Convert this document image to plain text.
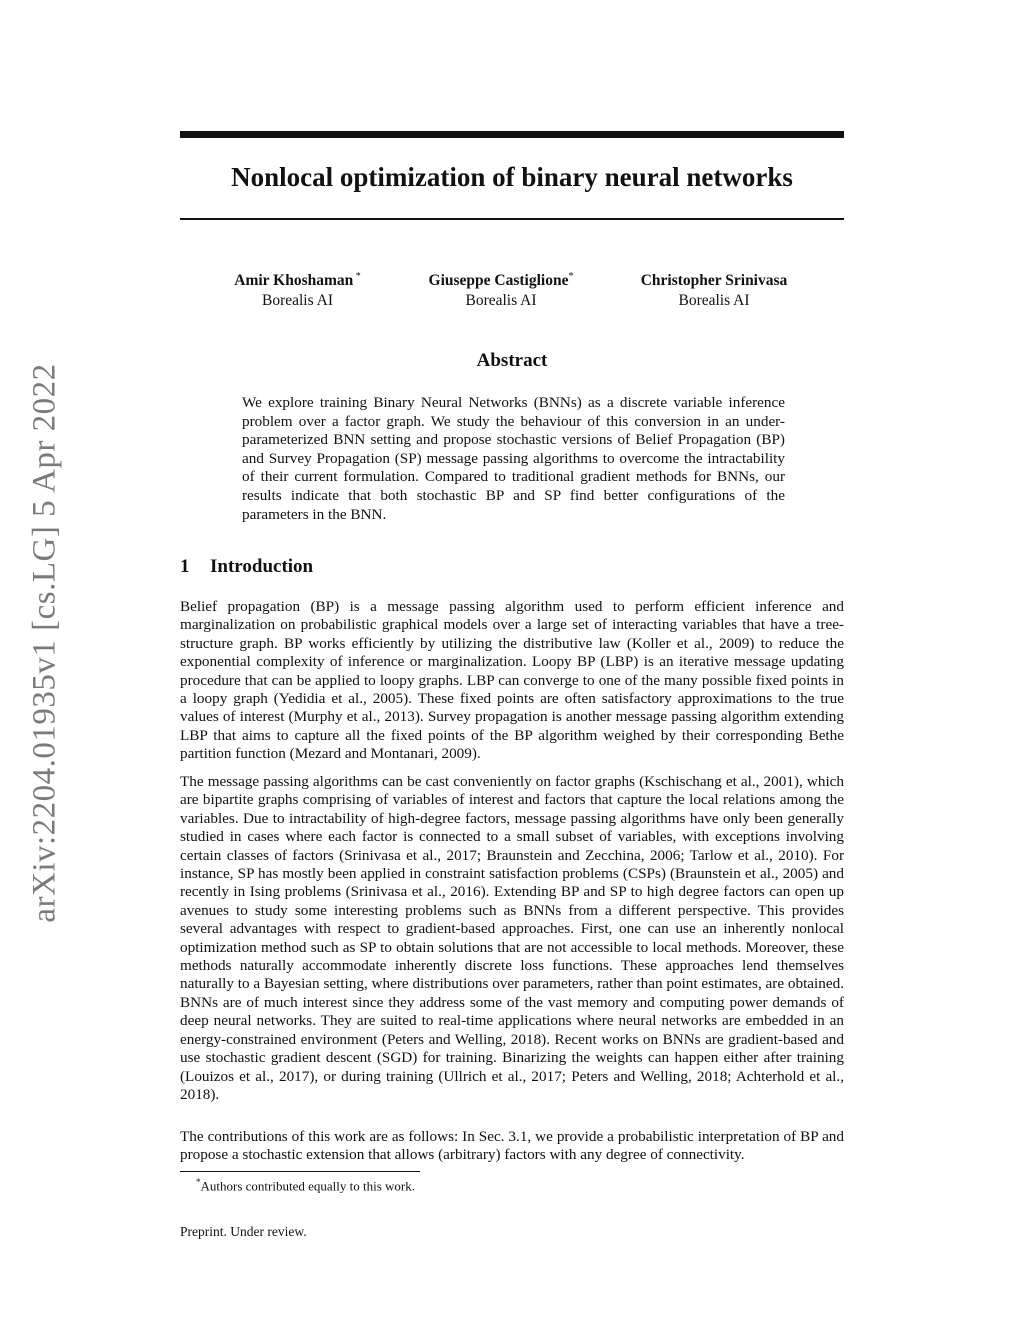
arXiv:2204.01935v1 [cs.LG] 5 Apr 2022
Nonlocal optimization of binary neural networks
Amir Khoshaman *
Borealis AI
Giuseppe Castiglione*
Borealis AI
Christopher Srinivasa
Borealis AI
Abstract

We explore training Binary Neural Networks (BNNs) as a discrete variable inference problem over a factor graph. We study the behaviour of this conversion in an under-parameterized BNN setting and propose stochastic versions of Belief Propagation (BP) and Survey Propagation (SP) message passing algorithms to overcome the intractability of their current formulation. Compared to traditional gradient methods for BNNs, our results indicate that both stochastic BP and SP find better configurations of the parameters in the BNN.

1 Introduction

Belief propagation (BP) is a message passing algorithm used to perform efficient inference and marginalization on probabilistic graphical models over a large set of interacting variables that have a tree-structure graph. BP works efficiently by utilizing the distributive law (Koller et al., 2009) to reduce the exponential complexity of inference or marginalization. Loopy BP (LBP) is an iterative message updating procedure that can be applied to loopy graphs. LBP can converge to one of the many possible fixed points in a loopy graph (Yedidia et al., 2005). These fixed points are often satisfactory approximations to the true values of interest (Murphy et al., 2013). Survey propagation is another message passing algorithm extending LBP that aims to capture all the fixed points of the BP algorithm weighed by their corresponding Bethe partition function (Mezard and Montanari, 2009).

The message passing algorithms can be cast conveniently on factor graphs (Kschischang et al., 2001), which are bipartite graphs comprising of variables of interest and factors that capture the local relations among the variables. Due to intractability of high-degree factors, message passing algorithms have only been generally studied in cases where each factor is connected to a small subset of variables, with exceptions involving certain classes of factors (Srinivasa et al., 2017; Braunstein and Zecchina, 2006; Tarlow et al., 2010). For instance, SP has mostly been applied in constraint satisfaction problems (CSPs) (Braunstein et al., 2005) and recently in Ising problems (Srinivasa et al., 2016). Extending BP and SP to high degree factors can open up avenues to study some interesting problems such as BNNs from a different perspective. This provides several advantages with respect to gradient-based approaches. First, one can use an inherently nonlocal optimization method such as SP to obtain solutions that are not accessible to local methods. Moreover, these methods naturally accommodate inherently discrete loss functions. These approaches lend themselves naturally to a Bayesian setting, where distributions over parameters, rather than point estimates, are obtained. BNNs are of much interest since they address some of the vast memory and computing power demands of deep neural networks. They are suited to real-time applications where neural networks are embedded in an energy-constrained environment (Peters and Welling, 2018). Recent works on BNNs are gradient-based and use stochastic gradient descent (SGD) for training. Binarizing the weights can happen either after training (Louizos et al., 2017), or during training (Ullrich et al., 2017; Peters and Welling, 2018; Achterhold et al., 2018).

The contributions of this work are as follows: In Sec. 3.1, we provide a probabilistic interpretation of BP and propose a stochastic extension that allows (arbitrary) factors with any degree of connectivity.

*Authors contributed equally to this work.

Preprint. Under review.
